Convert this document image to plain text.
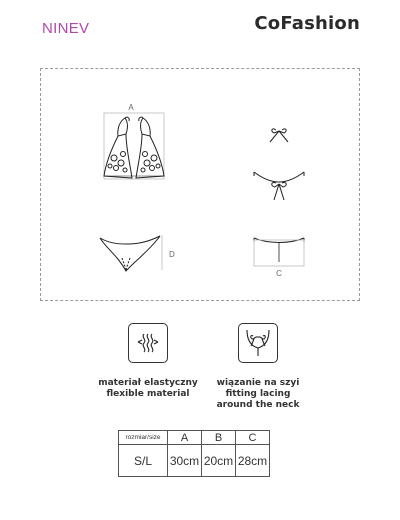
NINEV	CoFashion
A
D
C
materiał elastyczny
flexible material
wiązanie na szyi
fitting lacing
around the neck
rozmiar/size	A	B	C
S/L	30cm	20cm	28cm
